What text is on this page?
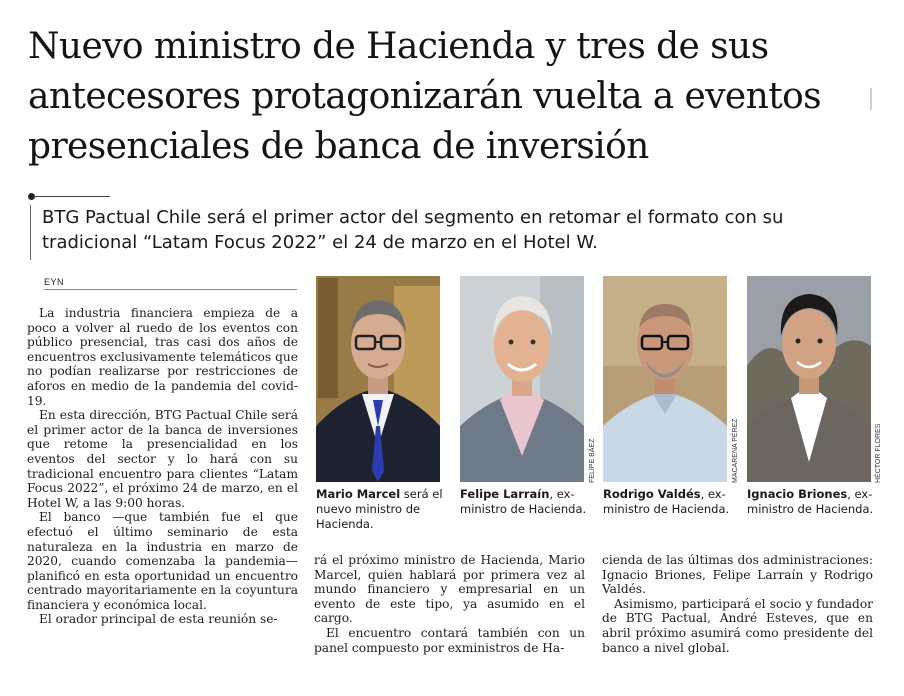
Nuevo ministro de Hacienda y tres de sus antecesores protagonizarán vuelta a eventos presenciales de banca de inversión

BTG Pactual Chile será el primer actor del segmento en retomar el formato con su tradicional “Latam Focus 2022” el 24 de marzo en el Hotel W.

EYN

La industria financiera empieza de a poco a volver al ruedo de los eventos con público presencial, tras casi dos años de encuentros exclusivamente telemáticos que no podían realizarse por restricciones de aforos en medio de la pandemia del covid-19.

En esta dirección, BTG Pactual Chile será el primer actor de la banca de inversiones que retome la presencialidad en los eventos del sector y lo hará con su tradicional encuentro para clientes “Latam Focus 2022”, el próximo 24 de marzo, en el Hotel W, a las 9:00 horas.

El banco —que también fue el que efectuó el último seminario de esta naturaleza en la industria en marzo de 2020, cuando comenzaba la pandemia— planificó en esta oportunidad un encuentro centrado mayoritariamente en la coyuntura financiera y económica local.

El orador principal de esta reunión se-

FELIPE BÁEZ	MACARENA PÉREZ	HÉCTOR FLORES

Mario Marcel será el nuevo ministro de Hacienda.

Felipe Larraín, ex-ministro de Hacienda.

Rodrigo Valdés, ex-ministro de Hacienda.

Ignacio Briones, ex-ministro de Hacienda.

rá el próximo ministro de Hacienda, Mario Marcel, quien hablará por primera vez al mundo financiero y empresarial en un evento de este tipo, ya asumido en el cargo.

El encuentro contará también con un panel compuesto por exministros de Ha-

cienda de las últimas dos administraciones: Ignacio Briones, Felipe Larraín y Rodrigo Valdés.

Asimismo, participará el socio y fundador de BTG Pactual, André Esteves, que en abril próximo asumirá como presidente del banco a nivel global.
